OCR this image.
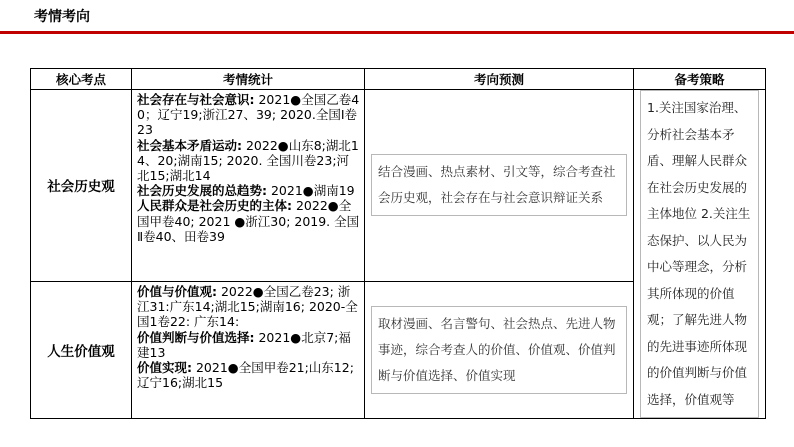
考情考向
核心考点	考情统计	考向预测	备考策略
社会历史观	社会存在与社会意识: 2021●全国乙卷40；辽宁19;浙江27、39; 2020.全国Ⅰ卷23
社会基本矛盾运动: 2022●山东8;湖北14、20;湖南15; 2020. 全国川卷23;河北15;湖北14
社会历史发展的总趋势: 2021●湖南19
人民群众是社会历史的主体: 2022●全国甲卷40; 2021 ●浙江30; 2019. 全国Ⅱ卷40、田卷39	结合漫画、热点素材、引文等，综合考查社会历史观，社会存在与社会意识辩证关系	1.关注国家治理、分析社会基本矛盾、理解人民群众在社会历史发展的主体地位 2.关注生态保护、以人民为中心等理念，分析其所体现的价值观；了解先进人物的先进事迹所体现的价值判断与价值选择，价值观等

人生价值观	价值与价值观: 2022●全国乙卷23; 浙江31:广东14;湖北15;湖南16; 2020-全国1卷22: 广东14:
价值判断与价值选择: 2021●北京7;福建13
价值实现: 2021●全国甲卷21;山东12;辽宁16;湖北15	取材漫画、名言警句、社会热点、先进人物事迹，综合考查人的价值、价值观、价值判断与价值选择、价值实现	
